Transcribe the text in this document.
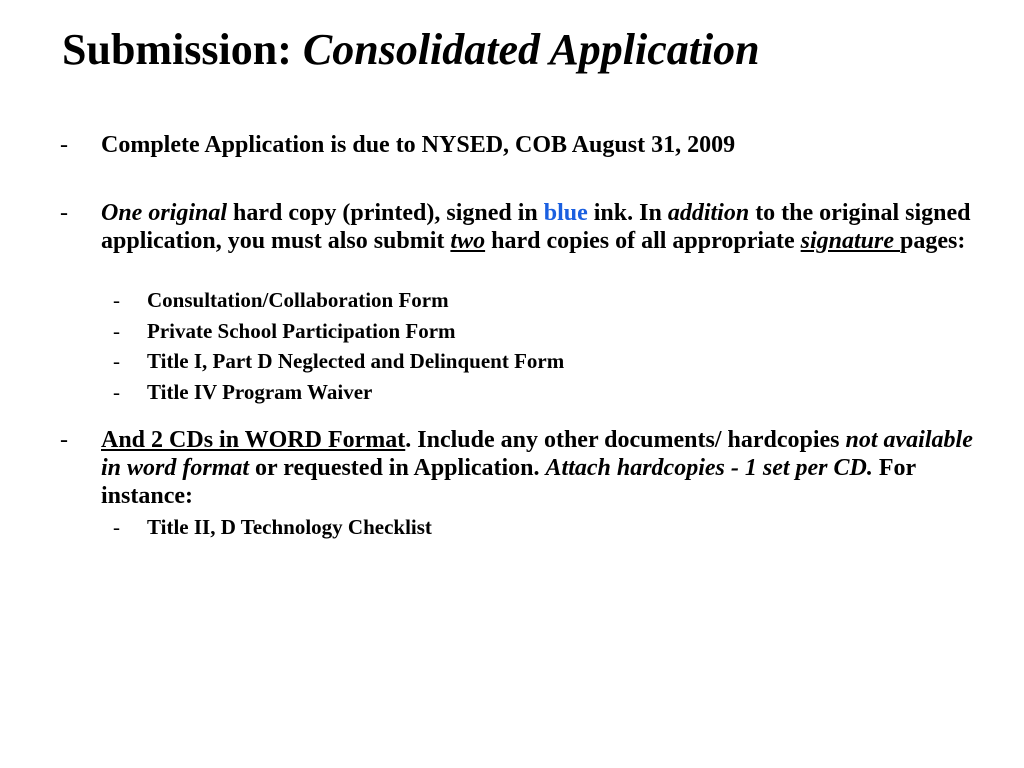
Submission: Consolidated Application
- Complete Application is due to NYSED, COB August 31, 2009
- One original hard copy (printed), signed in blue ink. In addition to the original signed application, you must also submit two hard copies of all appropriate signature pages:
- Consultation/Collaboration Form
- Private School Participation Form
- Title I, Part D Neglected and Delinquent Form
- Title IV Program Waiver
- And 2 CDs in WORD Format. Include any other documents/ hardcopies not available in word format or requested in Application. Attach hardcopies - 1 set per CD. For instance:
- Title II, D Technology Checklist
